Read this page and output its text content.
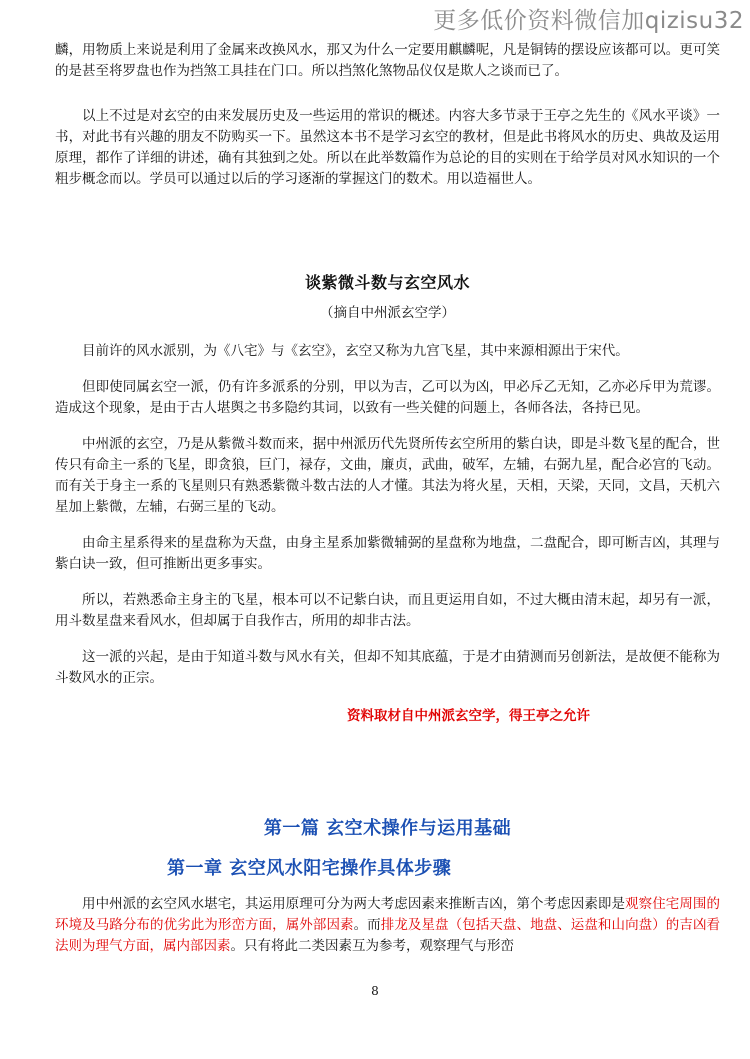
更多低价资料微信加qizisu32

麟，用物质上来说是利用了金属来改换风水，那又为什么一定要用麒麟呢，凡是铜铸的摆设应该都可以。更可笑的是甚至将罗盘也作为挡煞工具挂在门口。所以挡煞化煞物品仪仅是欺人之谈而已了。

以上不过是对玄空的由来发展历史及一些运用的常识的概述。内容大多节录于王亭之先生的《风水平谈》一书，对此书有兴趣的朋友不防购买一下。虽然这本书不是学习玄空的教材，但是此书将风水的历史、典故及运用原理，都作了详细的讲述，确有其独到之处。所以在此举数篇作为总论的目的实则在于给学员对风水知识的一个粗步概念而以。学员可以通过以后的学习逐渐的掌握这门的数术。用以造福世人。

谈紫微斗数与玄空风水
（摘自中州派玄空学）

目前许的风水派别，为《八宅》与《玄空》，玄空又称为九宫飞星，其中来源相源出于宋代。

但即使同属玄空一派，仍有许多派系的分别，甲以为吉，乙可以为凶，甲必斥乙无知，乙亦必斥甲为荒谬。造成这个现象，是由于古人堪舆之书多隐约其词，以致有一些关健的问题上，各师各法，各持已见。

中州派的玄空，乃是从紫微斗数而来，据中州派历代先贤所传玄空所用的紫白诀，即是斗数飞星的配合，世传只有命主一系的飞星，即贪狼，巨门，禄存，文曲，廉贞，武曲，破军，左辅，右弼九星，配合必宫的飞动。而有关于身主一系的飞星则只有熟悉紫微斗数古法的人才懂。其法为将火星，天相，天梁，天同，文昌，天机六星加上紫微，左辅，右弼三星的飞动。

由命主星系得来的星盘称为天盘，由身主星系加紫微辅弼的星盘称为地盘，二盘配合，即可断吉凶，其理与紫白诀一致，但可推断出更多事实。

所以，若熟悉命主身主的飞星，根本可以不记紫白诀，而且更运用自如，不过大概由清末起，却另有一派，用斗数星盘来看风水，但却属于自我作古，所用的却非古法。

这一派的兴起，是由于知道斗数与风水有关，但却不知其底蕴，于是才由猜测而另创新法，是故便不能称为斗数风水的正宗。

资料取材自中州派玄空学，得王亭之允许
第一篇 玄空术操作与运用基础
第一章 玄空风水阳宅操作具体步骤

用中州派的玄空风水堪宅，其运用原理可分为两大考虑因素来推断吉凶，第个考虑因素即是观察住宅周围的环境及马路分布的优劣此为形峦方面，属外部因素。而排龙及星盘（包括天盘、地盘、运盘和山向盘）的吉凶看法则为理气方面，属内部因素。只有将此二类因素互为参考，观察理气与形峦

8
